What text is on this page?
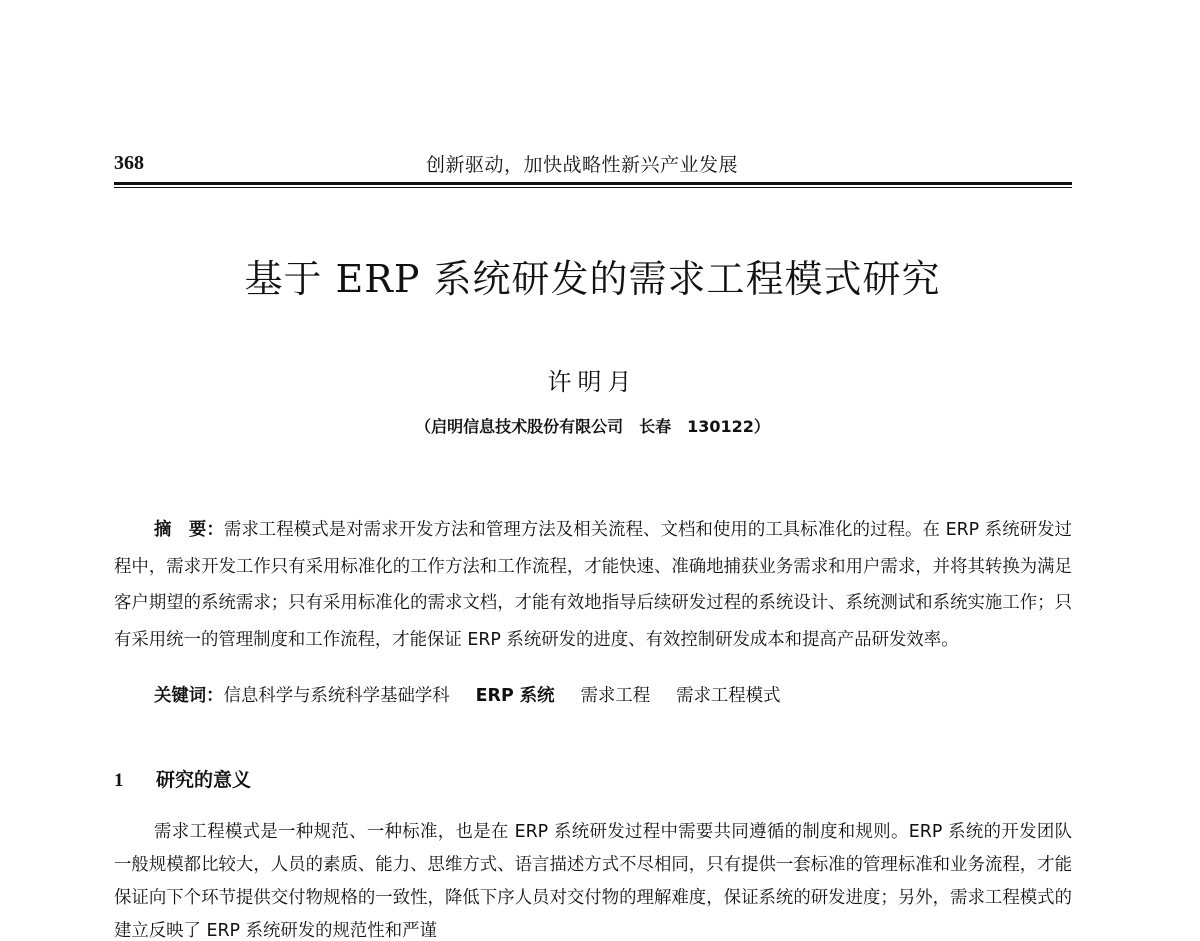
368	创新驱动，加快战略性新兴产业发展
基于 ERP 系统研发的需求工程模式研究
许明月
（启明信息技术股份有限公司　长春　130122）

摘　要：需求工程模式是对需求开发方法和管理方法及相关流程、文档和使用的工具标准化的过程。在 ERP 系统研发过程中，需求开发工作只有采用标准化的工作方法和工作流程，才能快速、准确地捕获业务需求和用户需求，并将其转换为满足客户期望的系统需求；只有采用标准化的需求文档，才能有效地指导后续研发过程的系统设计、系统测试和系统实施工作；只有采用统一的管理制度和工作流程，才能保证 ERP 系统研发的进度、有效控制研发成本和提高产品研发效率。

关键词：信息科学与系统科学基础学科 ERP 系统 需求工程 需求工程模式
1 研究的意义

需求工程模式是一种规范、一种标准，也是在 ERP 系统研发过程中需要共同遵循的制度和规则。ERP 系统的开发团队一般规模都比较大，人员的素质、能力、思维方式、语言描述方式不尽相同，只有提供一套标准的管理标准和业务流程，才能保证向下个环节提供交付物规格的一致性，降低下序人员对交付物的理解难度，保证系统的研发进度；另外，需求工程模式的建立反映了 ERP 系统研发的规范性和严谨
